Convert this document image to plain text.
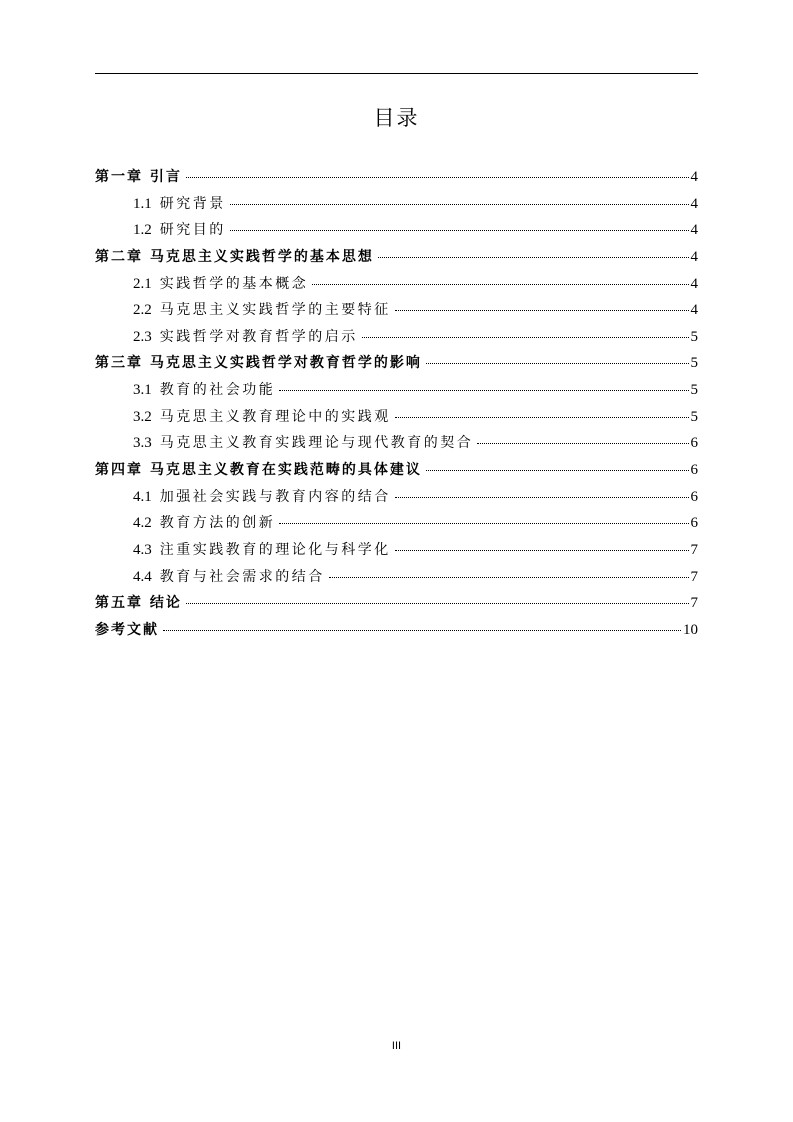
目录
第一章 引言	4
1.1 研究背景	4
1.2 研究目的	4
第二章 马克思主义实践哲学的基本思想	4
2.1 实践哲学的基本概念	4
2.2 马克思主义实践哲学的主要特征	4
2.3 实践哲学对教育哲学的启示	5
第三章 马克思主义实践哲学对教育哲学的影响	5
3.1 教育的社会功能	5
3.2 马克思主义教育理论中的实践观	5
3.3 马克思主义教育实践理论与现代教育的契合	6
第四章 马克思主义教育在实践范畴的具体建议	6
4.1 加强社会实践与教育内容的结合	6
4.2 教育方法的创新	6
4.3 注重实践教育的理论化与科学化	7
4.4 教育与社会需求的结合	7
第五章 结论	7
参考文献	10
III
